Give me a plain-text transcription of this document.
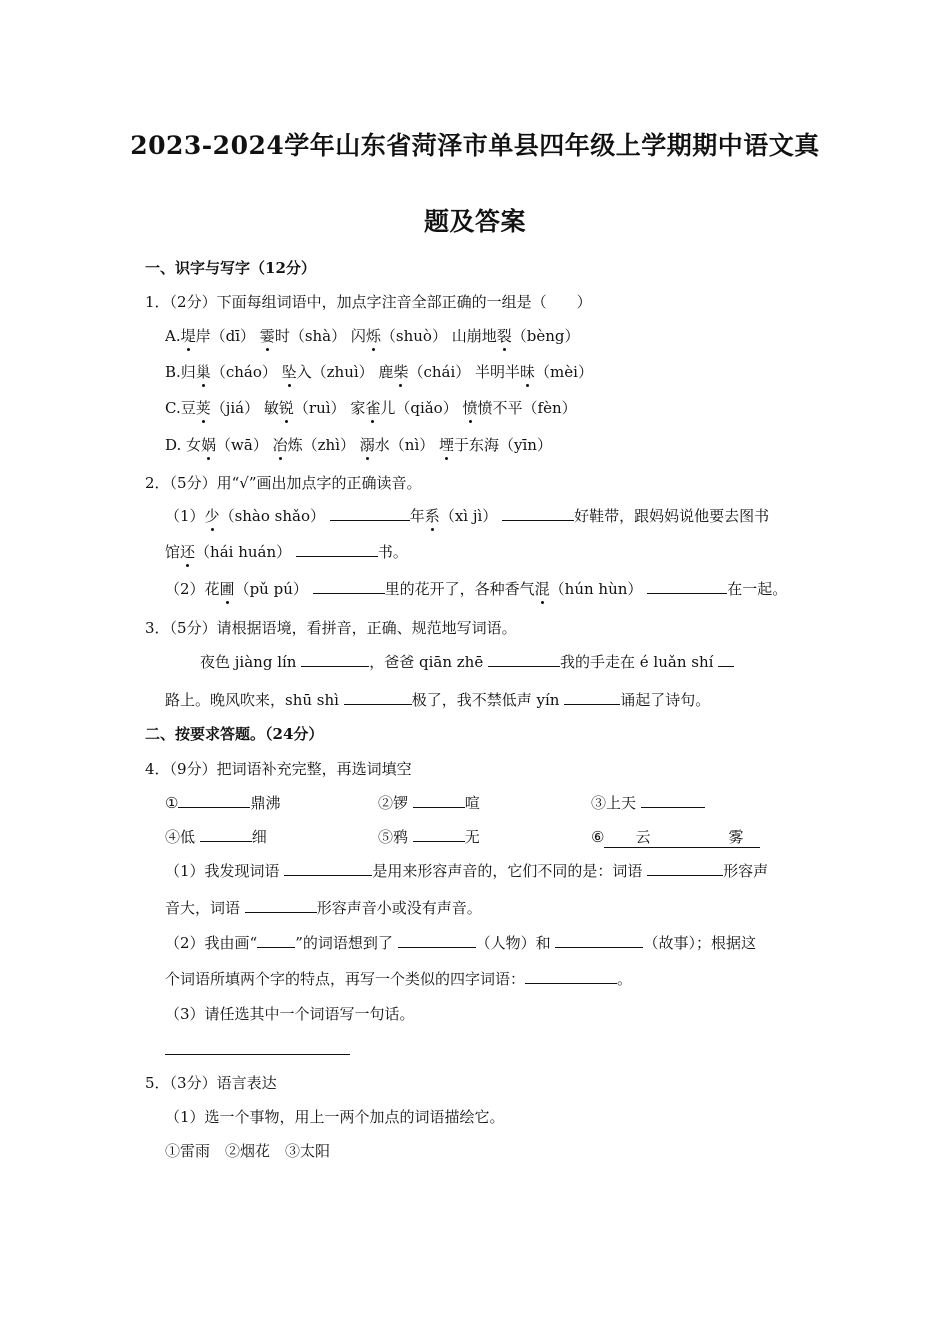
2023-2024学年山东省菏泽市单县四年级上学期期中语文真
题及答案
一、识字与写字（12分）
1．（2分）下面每组词语中，加点字注音全部正确的一组是（　　）
A.堤岸（dī） 霎时（shà） 闪烁（shuò） 山崩地裂（bèng）
B.归巢（cháo） 坠入（zhuì） 鹿柴（chái） 半明半昧（mèi）
C.豆荚（jiá） 敏锐（ruì） 家雀儿（qiǎo） 愤愤不平（fèn）
D. 女娲（wā） 冶炼（zhì） 溺水（nì） 堙于东海（yīn）
2．（5分）用“√”画出加点字的正确读音。
（1）少（shào shǎo）	年系（xì jì）	好鞋带，跟妈妈说他要去图书
馆还（hái huán）	书。
（2）花圃（pǔ pú）	里的花开了，各种香气混（hún hùn）	在一起。
3．（5分）请根据语境，看拼音，正确、规范地写词语。
夜色 jiàng lín	，爸爸 qiān zhē	我的手走在 é luǎn shí
路上。晚风吹来，shū shì	极了，我不禁低声 yín	诵起了诗句。
二、按要求答题。（24分）
4．（9分）把词语补充完整，再选词填空
①	鼎沸	②锣	喧	③上天
④低	细	⑤鸦	无	⑥ 云	雾
（1）我发现词语	是用来形容声音的，它们不同的是：词语	形容声
音大，词语	形容声音小或没有声音。
（2）我由画“	”的词语想到了	（人物）和	（故事）；根据这
个词语所填两个字的特点，再写一个类似的四字词语：	。
（3）请任选其中一个词语写一句话。
5．（3分）语言表达
（1）选一个事物，用上一两个加点的词语描绘它。
①雷雨　②烟花　③太阳
